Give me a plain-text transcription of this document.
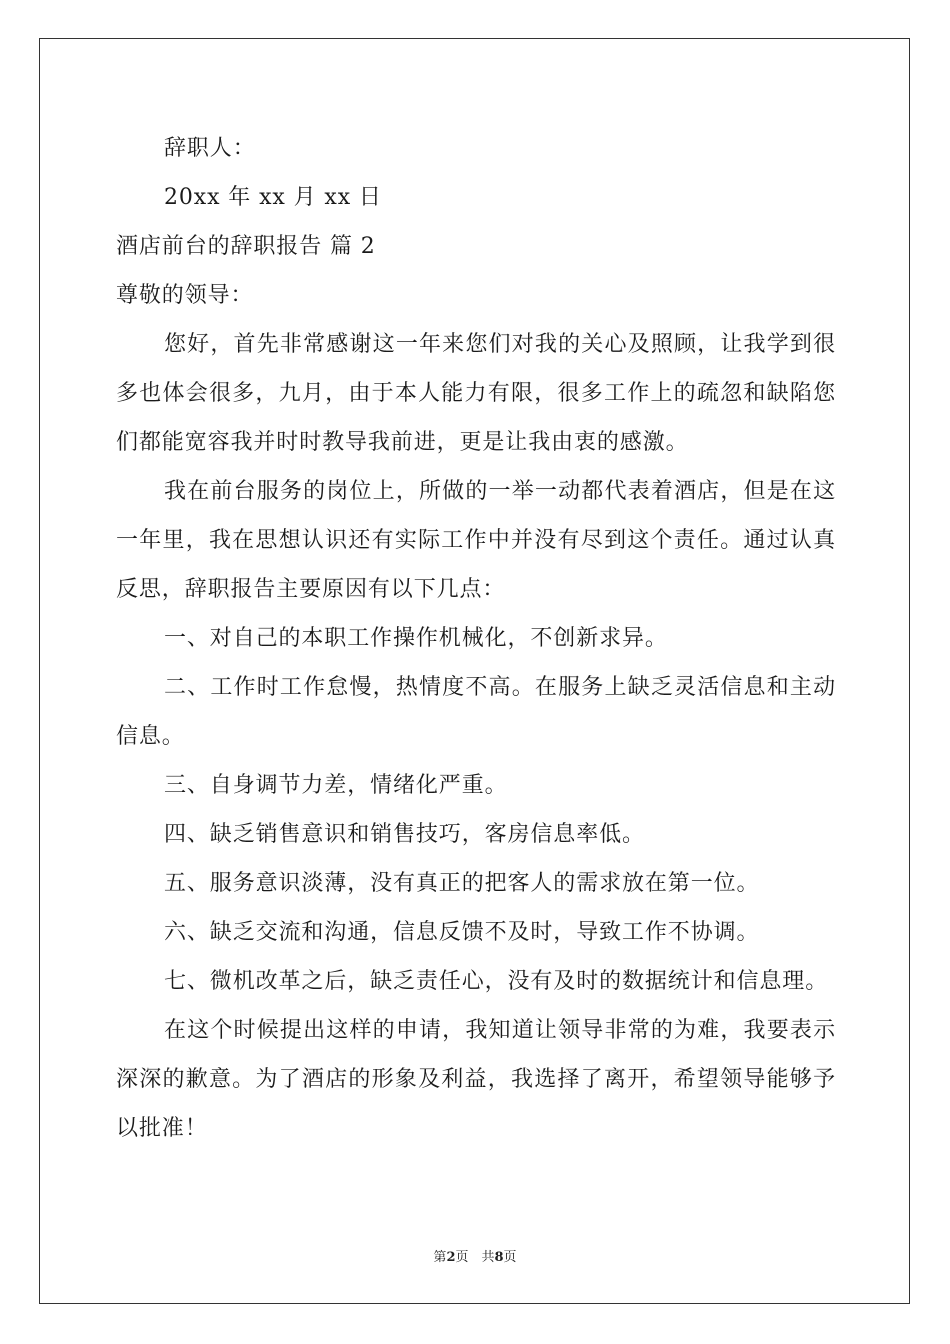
辞职人：
20xx 年 xx 月 xx 日
酒店前台的辞职报告 篇 2
尊敬的领导：

您好，首先非常感谢这一年来您们对我的关心及照顾，让我学到很多也体会很多，九月，由于本人能力有限，很多工作上的疏忽和缺陷您们都能宽容我并时时教导我前进，更是让我由衷的感激。

我在前台服务的岗位上，所做的一举一动都代表着酒店，但是在这一年里，我在思想认识还有实际工作中并没有尽到这个责任。通过认真反思，辞职报告主要原因有以下几点：

一、对自己的本职工作操作机械化，不创新求异。

二、工作时工作怠慢，热情度不高。在服务上缺乏灵活信息和主动信息。

三、自身调节力差，情绪化严重。

四、缺乏销售意识和销售技巧，客房信息率低。

五、服务意识淡薄，没有真正的把客人的需求放在第一位。

六、缺乏交流和沟通，信息反馈不及时，导致工作不协调。

七、微机改革之后，缺乏责任心，没有及时的数据统计和信息理。

在这个时候提出这样的申请，我知道让领导非常的为难，我要表示深深的歉意。为了酒店的形象及利益，我选择了离开，希望领导能够予以批准！

第2页　共8页
